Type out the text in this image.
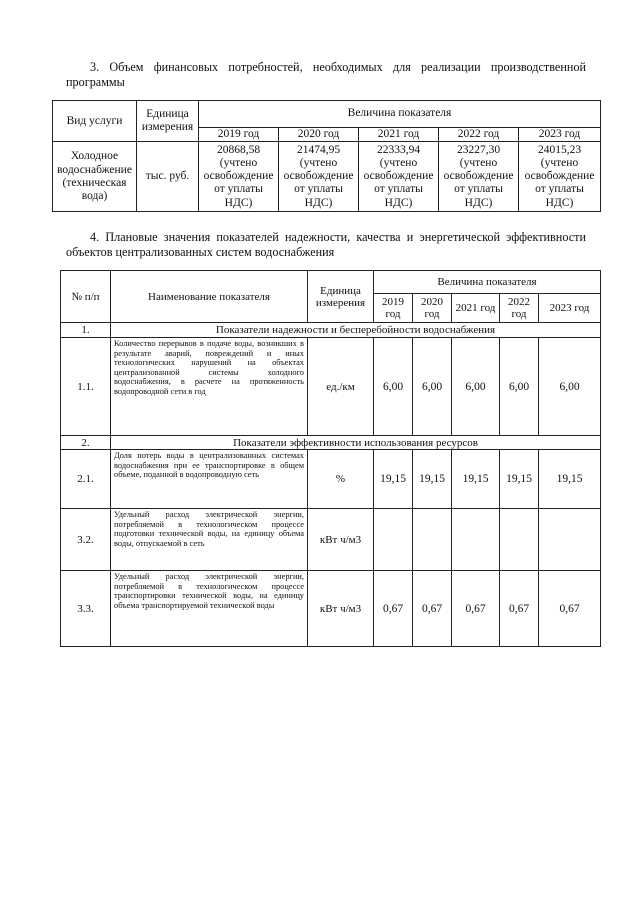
3. Объем финансовых потребностей, необходимых для реализации производственной программы

Вид услуги	Единица измерения	Величина показателя				
		2019 год	2020 год	2021 год	2022 год	2023 год
Холодное водоснабжение (техническая вода)	тыс. руб.	20868,58 (учтено освобождение от уплаты НДС)	21474,95 (учтено освобождение от уплаты НДС)	22333,94 (учтено освобождение от уплаты НДС)	23227,30 (учтено освобождение от уплаты НДС)	24015,23 (учтено освобождение от уплаты НДС)

4. Плановые значения показателей надежности, качества и энергетической эффективности объектов централизованных систем водоснабжения

№ п/п	Наименование показателя	Единица измерения	Величина показателя				
			2019 год	2020 год	2021 год	2022 год	2023 год
1.	Показатели надежности и бесперебойности водоснабжения						
1.1.	Количество перерывов в подаче воды, возникших в результате аварий, повреждений и иных технологических нарушений на объектах централизованной системы холодного водоснабжения, в расчете на протяженность водопроводной сети в год	ед./км	6,00	6,00	6,00	6,00	6,00
2.	Показатели эффективности использования ресурсов						
2.1.	Доля потерь воды в централизованных системах водоснабжения при ее транспортировке в общем объеме, поданной в водопроводную сеть	%	19,15	19,15	19,15	19,15	19,15
3.2.	Удельный расход электрической энергии, потребляемой в технологическом процессе подготовки технической воды, на единицу объема воды, отпускаемой в сеть	кВт ч/м3					
3.3.	Удельный расход электрической энергии, потребляемой в технологическом процессе транспортировки технической воды, на единицу объема транспортируемой технической воды	кВт ч/м3	0,67	0,67	0,67	0,67	0,67
